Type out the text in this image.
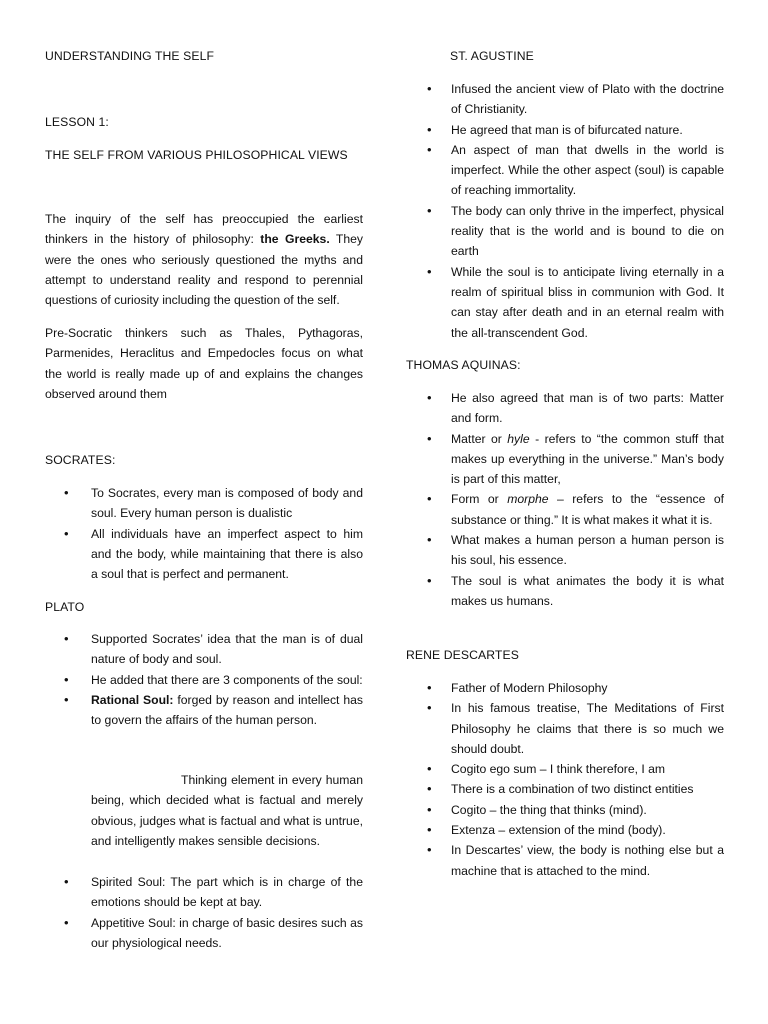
UNDERSTANDING THE SELF
LESSON 1:
THE SELF FROM VARIOUS PHILOSOPHICAL VIEWS

The inquiry of the self has preoccupied the earliest thinkers in the history of philosophy: the Greeks. They were the ones who seriously questioned the myths and attempt to understand reality and respond to perennial questions of curiosity including the question of the self.

Pre-Socratic thinkers such as Thales, Pythagoras, Parmenides, Heraclitus and Empedocles focus on what the world is really made up of and explains the changes observed around them

SOCRATES:
• To Socrates, every man is composed of body and soul. Every human person is dualistic
• All individuals have an imperfect aspect to him and the body, while maintaining that there is also a soul that is perfect and permanent.
PLATO
• Supported Socrates’ idea that the man is of dual nature of body and soul.
• He added that there are 3 components of the soul:
• Rational Soul: forged by reason and intellect has to govern the affairs of the human person.

Thinking element in every human being, which decided what is factual and merely obvious, judges what is factual and what is untrue, and intelligently makes sensible decisions.

• Spirited Soul: The part which is in charge of the emotions should be kept at bay.
• Appetitive Soul: in charge of basic desires such as our physiological needs.
ST. AGUSTINE
• Infused the ancient view of Plato with the doctrine of Christianity.
• He agreed that man is of bifurcated nature.
• An aspect of man that dwells in the world is imperfect. While the other aspect (soul) is capable of reaching immortality.
• The body can only thrive in the imperfect, physical reality that is the world and is bound to die on earth
• While the soul is to anticipate living eternally in a realm of spiritual bliss in communion with God. It can stay after death and in an eternal realm with the all-transcendent God.
THOMAS AQUINAS:
• He also agreed that man is of two parts: Matter and form.
• Matter or hyle - refers to “the common stuff that makes up everything in the universe.” Man’s body is part of this matter,
• Form or morphe – refers to the “essence of substance or thing.” It is what makes it what it is.
• What makes a human person a human person is his soul, his essence.
• The soul is what animates the body it is what makes us humans.
RENE DESCARTES
• Father of Modern Philosophy
• In his famous treatise, The Meditations of First Philosophy he claims that there is so much we should doubt.
• Cogito ego sum – I think therefore, I am
• There is a combination of two distinct entities
• Cogito – the thing that thinks (mind).
• Extenza – extension of the mind (body).
• In Descartes’ view, the body is nothing else but a machine that is attached to the mind.
